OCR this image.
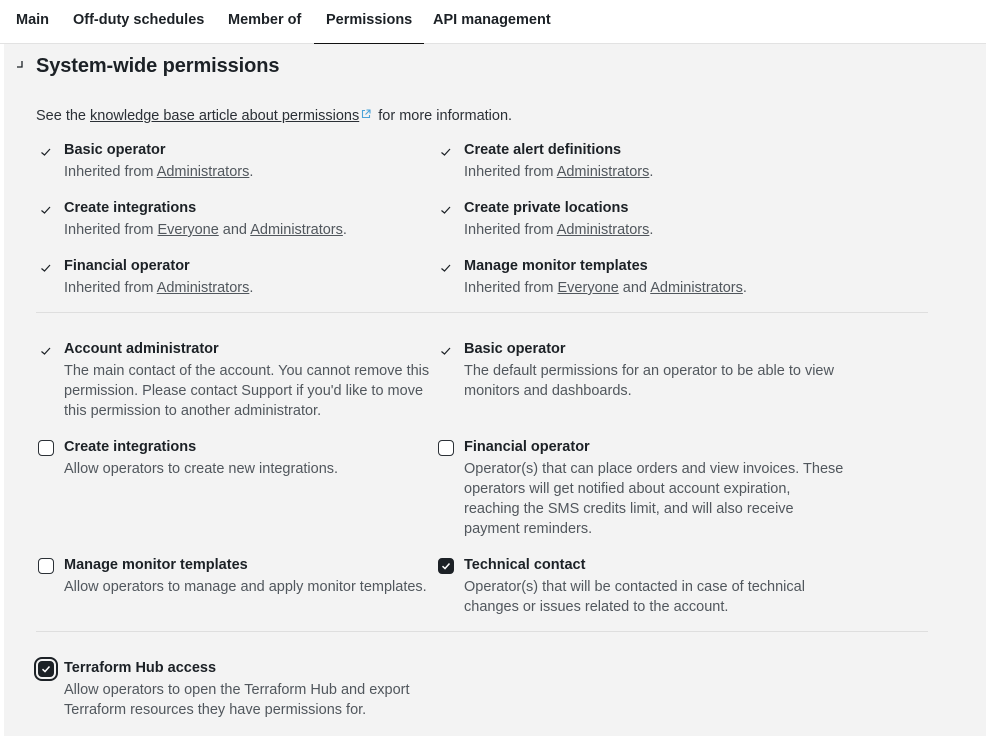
Main Off-duty schedules Member of Permissions API management
System-wide permissions
See the knowledge base article about permissions for more information.
Basic operator
Inherited from Administrators.
Create alert definitions
Inherited from Administrators.
Create integrations
Inherited from Everyone and Administrators.
Create private locations
Inherited from Administrators.
Financial operator
Inherited from Administrators.
Manage monitor templates
Inherited from Everyone and Administrators.
Account administrator
The main contact of the account. You cannot remove this permission. Please contact Support if you'd like to move this permission to another administrator.
Basic operator
The default permissions for an operator to be able to view monitors and dashboards.
Create integrations
Allow operators to create new integrations.
Financial operator
Operator(s) that can place orders and view invoices. These operators will get notified about account expiration, reaching the SMS credits limit, and will also receive payment reminders.
Manage monitor templates
Allow operators to manage and apply monitor templates.
Technical contact
Operator(s) that will be contacted in case of technical changes or issues related to the account.
Terraform Hub access
Allow operators to open the Terraform Hub and export Terraform resources they have permissions for.
